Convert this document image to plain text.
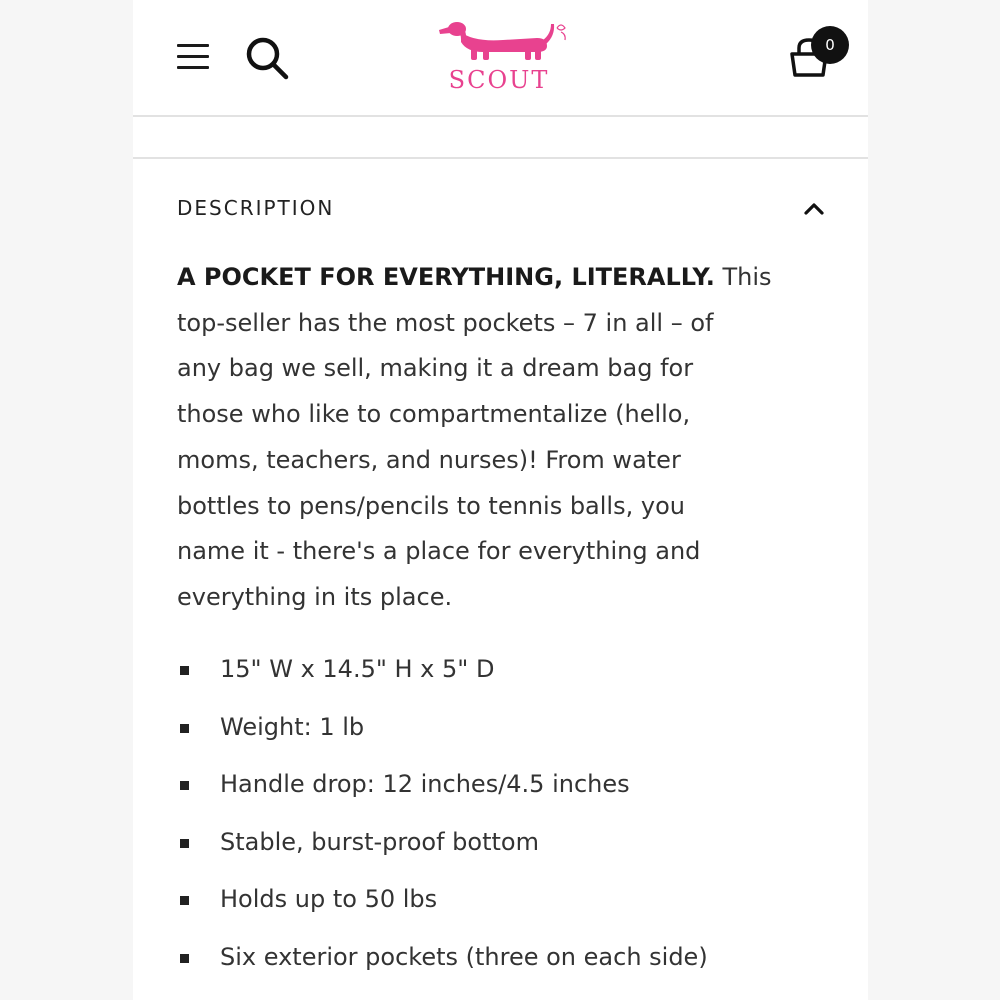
SCOUT
0
DESCRIPTION

A POCKET FOR EVERYTHING, LITERALLY. This
top-seller has the most pockets – 7 in all – of
any bag we sell, making it a dream bag for
those who like to compartmentalize (hello,
moms, teachers, and nurses)! From water
bottles to pens/pencils to tennis balls, you
name it - there's a place for everything and
everything in its place.

15" W x 14.5" H x 5" D
Weight: 1 lb
Handle drop: 12 inches/4.5 inches
Stable, burst-proof bottom
Holds up to 50 lbs
Six exterior pockets (three on each side)
